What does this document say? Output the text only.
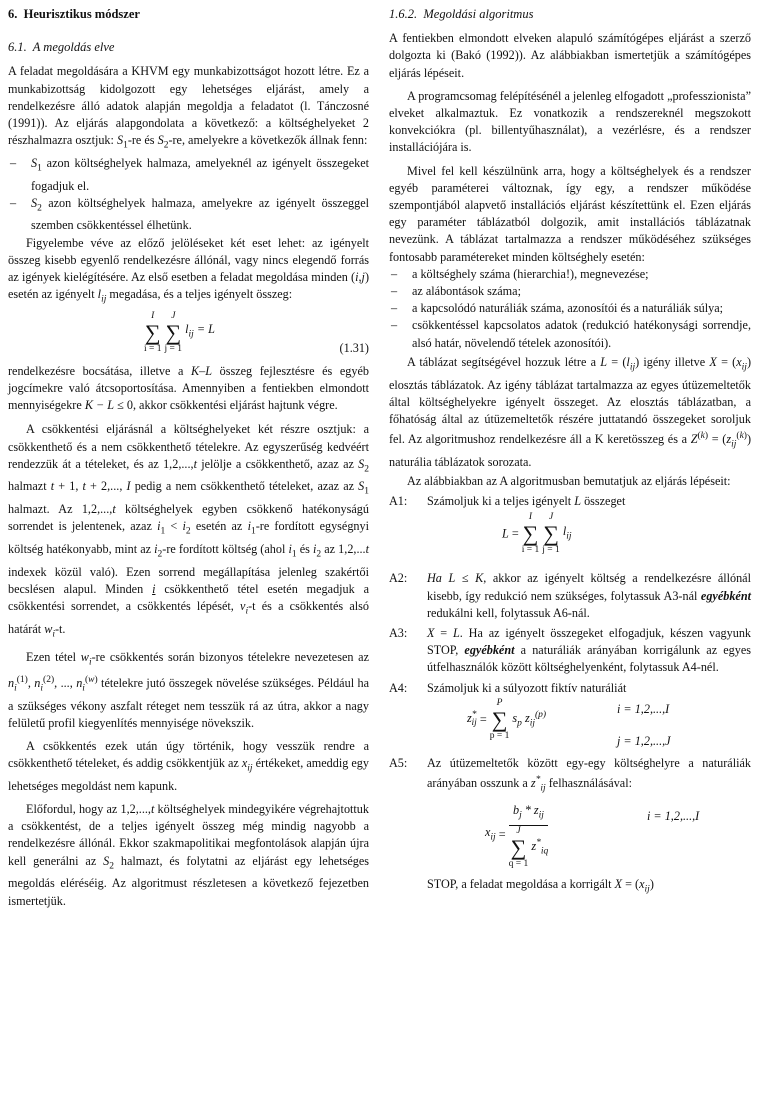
6.  Heurisztikus módszer
6.1.  A megoldás elve

A feladat megoldására a KHVM egy munkabizottságot hozott létre. Ez a munkabizottság kidolgozott egy lehetséges eljárást, amely a rendelkezésre álló adatok alapján megoldja a feladatot (l. Tánczosné (1991)). Az eljárás alapgondolata a következő: a költséghelyeket 2 részhalmazra osztjuk: $S_1-re$ és $S_2-re$, amelyekre a következők állnak fenn:

– $S_1$ azon költséghelyek halmaza, amelyeknél az igényelt összegeket fogadjuk el.

– $S_2$ azon költséghelyek halmaza, amelyekre az igényelt összeggel szemben csökkentéssel élhetünk.

Figyelembe véve az előző jelöléseket két eset lehet: az igényelt összeg kisebb egyenlő rendelkezésre állónál, vagy nincs elegendő forrás az igények kielégítésére. Az első esetben a feladat megoldása minden (i,j) esetén az igényelt $l_{ij}$ megadása, és a teljes igényelt összeg:

I
∑
i = 1

J
∑
j = 1
$l_{ij} = L$
(1.31)

rendelkezésre bocsátása, illetve a K–L összeg fejlesztésre és egyéb jogcímekre való átcsoportosítása. Amennyiben a fentiekben elmondott mennyiségekre K − L ≤ 0, akkor csökkentési eljárást hajtunk végre.

A csökkentési eljárásnál a költséghelyeket két részre osztjuk: a csökkenthető és a nem csökkenthető tételekre. Az egyszerűség kedvéért rendezzük át a tételeket, és az 1,2,...,t jelölje a csökkenthető, azaz az $S_2$ halmazt t + 1, t + 2,..., I pedig a nem csökkenthető tételeket, azaz az $S_1$ halmazt. Az 1,2,...,t költséghelyek egyben csökkenő hatékonyságú sorrendet is jelentenek, azaz $i_1 < i_2$ esetén az $i_1-re$ fordított egységnyi költség hatékonyabb, mint az $i_2-re$ fordított költség (ahol $i_1$ és $i_2$ az 1,2,...t indexek közül való). Ezen sorrend megállapítása jelenleg szakértői becslésen alapul. Minden i csökkenthető tétel esetén megadjuk a csökkentési sorrendet, a csökkentés lépését, $v_i-t$ és a csökkentés alsó határát $w_i-t$.

Ezen tétel $w_i-re$ csökkentés során bizonyos tételekre nevezetesen az $n_i^{(1)}$, $n_i^{(2)}$, ..., $n_i^{(w)}$ tételekre jutó összegek növelése szükséges. Például ha a szükséges vékony aszfalt réteget nem tesszük rá az útra, akkor a nagy felületű profil kiegyenlítés mennyisége növekszik.

A csökkentés ezek után úgy történik, hogy vesszük rendre a csökkenthető tételeket, és addig csökkentjük az $x_{ij}$ értékeket, ameddig egy lehetséges megoldást nem kapunk.

Előfordul, hogy az 1,2,...,t költséghelyek mindegyikére végrehajtottuk a csökkentést, de a teljes igényelt összeg még mindig nagyobb a rendelkezésre állónál. Ekkor szakmapolitikai megfontolások alapján újra kell generálni az $S_2$ halmazt, és folytatni az eljárást egy lehetséges megoldás eléréséig. Az algoritmust részletesen a következő fejezetben ismertetjük.

1.6.2.  Megoldási algoritmus

A fentiekben elmondott elveken alapuló számítógépes eljárást a szerző dolgozta ki (Bakó (1992)). Az alábbiakban ismertetjük a számítógépes eljárás lépéseit.

A programcsomag felépítésénél a jelenleg elfogadott „professzionista” elveket alkalmaztuk. Ez vonatkozik a rendszereknél megszokott konvekciókra (pl. billentyűhasználat), a vezérlésre, és a rendszer installációjára is.

Mivel fel kell készülnünk arra, hogy a költséghelyek és a rendszer egyéb paraméterei változnak, így egy, a rendszer működése szempontjából alapvető installációs eljárást készítettünk el. Ezen eljárás egy paraméter táblázatból dolgozik, amit installációs táblázatnak nevezünk. A táblázat tartalmazza a rendszer működéséhez szükséges fontosabb paramétereket minden költséghely esetén:

– a költséghely száma (hierarchia!), megnevezése;

– az alábontások száma;

– a kapcsolódó naturáliák száma, azonosítói és a naturáliák súlya;

– csökkentéssel kapcsolatos adatok (redukció hatékonysági sorrendje, alsó határ, növelendő tételek azonosítói).

A táblázat segítségével hozzuk létre a $L = (l_{ij})$ igény illetve $X = (x_{ij})$ elosztás táblázatok. Az igény táblázat tartalmazza az egyes útüzemeltetők által költséghelyekre igényelt összeget. Az elosztás táblázatban, a főhatóság által az útüzemeltetők részére juttatandó összegeket soroljuk fel. Az algoritmushoz rendelkezésre áll a K keretösszeg és a $Z^{(k)} = (z_{ij}^{(k)})$ naturália táblázatok sorozata.

Az alábbiakban az A algoritmusban bemutatjuk az eljárás lépéseit:

A1: Számoljuk ki a teljes igényelt L összeget

L =
I
∑
i = 1

J
∑
j = 1
$l_{ij}$
A2: Ha L ≤ K, akkor az igényelt költség a rendelkezésre állónál kisebb, így redukció nem szükséges, folytassuk A3-nál egyébként redukálni kell, folytassuk A6-nál.

A3: X = L. Ha az igényelt összegeket elfogadjuk, készen vagyunk STOP, egyébként a naturáliák arányában korrigálunk az egyes útfelhasználók között költséghelyenként, folytassuk A4-nél.

A4: Számoljuk ki a súlyozott fiktív naturáliát

$z^*_{ij}$ =
P
∑
p = 1
$s_p$ $z_{ij}^{(p)}$	i = 1,2,...,I
j = 1,2,...,J
A5: Az útüzemeltetők között egy-egy költséghelyre a naturáliák arányában osszunk a $z^*_{ij}$ felhasználásával:

$x_{ij} = b_j * z_{ij}$
J
∑
q = 1
$z^*_{iq}$	i = 1,2,...,I

STOP, a feladat megoldása a korrigált $X = (x_{ij})$
